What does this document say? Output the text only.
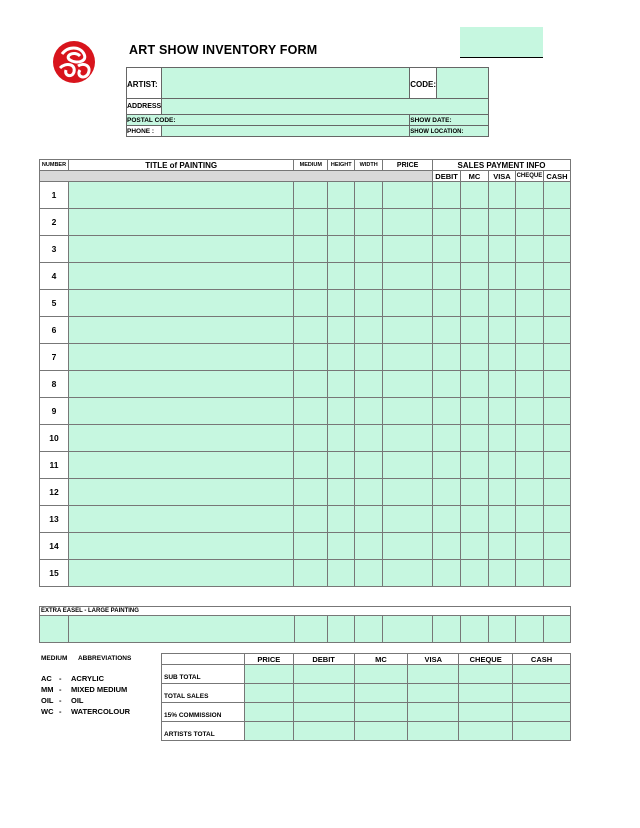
ART SHOW INVENTORY FORM
ARTIST:		CODE:	
ADDRESS			
POSTAL CODE:		SHOW DATE:	
PHONE :		SHOW LOCATION:	
NUMBER	TITLE of PAINTING	MEDIUM	HEIGHT	WIDTH	PRICE	SALES PAYMENT INFO				
						DEBIT	MC	VISA	CHEQUE	CASH
1										
2										
3										
4										
5										
6										
7										
8										
9										
10										
11										
12										
13										
14										
15										
EXTRA EASEL - LARGE PAINTING

MEDIUM ABBREVIATIONS
AC - ACRYLIC
MM - MIXED MEDIUM
OIL - OIL
WC - WATERCOLOUR
	PRICE	DEBIT	MC	VISA	CHEQUE	CASH
SUB TOTAL						
TOTAL SALES						
15% COMMISSION						
ARTISTS TOTAL						
